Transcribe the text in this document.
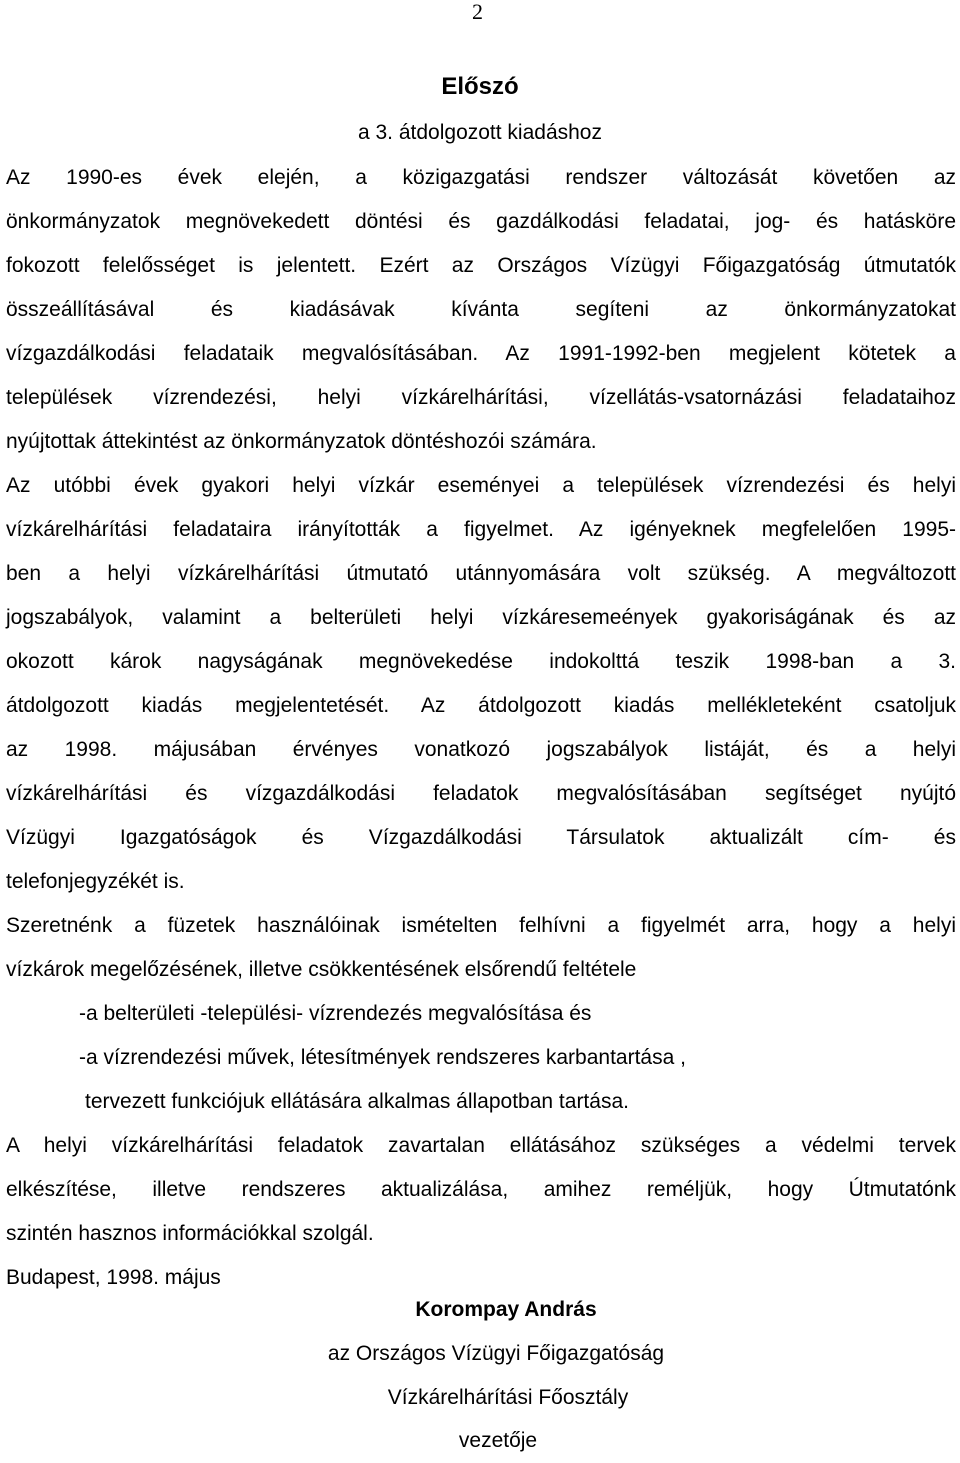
2
Előszó
a 3. átdolgozott kiadáshoz
Az 1990-es évek elején, a közigazgatási rendszer változását követően az
önkormányzatok megnövekedett döntési és gazdálkodási feladatai, jog- és hatásköre
fokozott felelősséget is jelentett. Ezért az Országos Vízügyi Főigazgatóság útmutatók
összeállításával és kiadásávak kívánta segíteni az önkormányzatokat
vízgazdálkodási feladataik megvalósításában. Az 1991-1992-ben megjelent kötetek a
települések vízrendezési, helyi vízkárelhárítási, vízellátás-vsatornázási feladataihoz
nyújtottak áttekintést az önkormányzatok döntéshozói számára.
Az utóbbi évek gyakori helyi vízkár eseményei a települések vízrendezési és helyi
vízkárelhárítási feladataira irányították a figyelmet. Az igényeknek megfelelően 1995-
ben a helyi vízkárelhárítási útmutató utánnyomására volt szükség. A megváltozott
jogszabályok, valamint a belterületi helyi vízkáresemeények gyakoriságának és az
okozott károk nagyságának megnövekedése indokolttá teszik 1998-ban a 3.
átdolgozott kiadás megjelentetését. Az átdolgozott kiadás mellékleteként csatoljuk
az 1998. májusában érvényes vonatkozó jogszabályok listáját, és a helyi
vízkárelhárítási és vízgazdálkodási feladatok megvalósításában segítséget nyújtó
Vízügyi Igazgatóságok és Vízgazdálkodási Társulatok aktualizált cím- és
telefonjegyzékét is.
Szeretnénk a füzetek használóinak ismételten felhívni a figyelmét arra, hogy a helyi
vízkárok megelőzésének, illetve csökkentésének elsőrendű feltétele
-a belterületi -települési- vízrendezés megvalósítása és
-a vízrendezési művek, létesítmények rendszeres karbantartása ,
tervezett funkciójuk ellátására alkalmas állapotban tartása.
A helyi vízkárelhárítási feladatok zavartalan ellátásához szükséges a védelmi tervek
elkészítése, illetve rendszeres aktualizálása, amihez reméljük, hogy Útmutatónk
szintén hasznos információkkal szolgál.
Budapest, 1998. május
Korompay András
az Országos Vízügyi Főigazgatóság
Vízkárelhárítási Főosztály
vezetője
